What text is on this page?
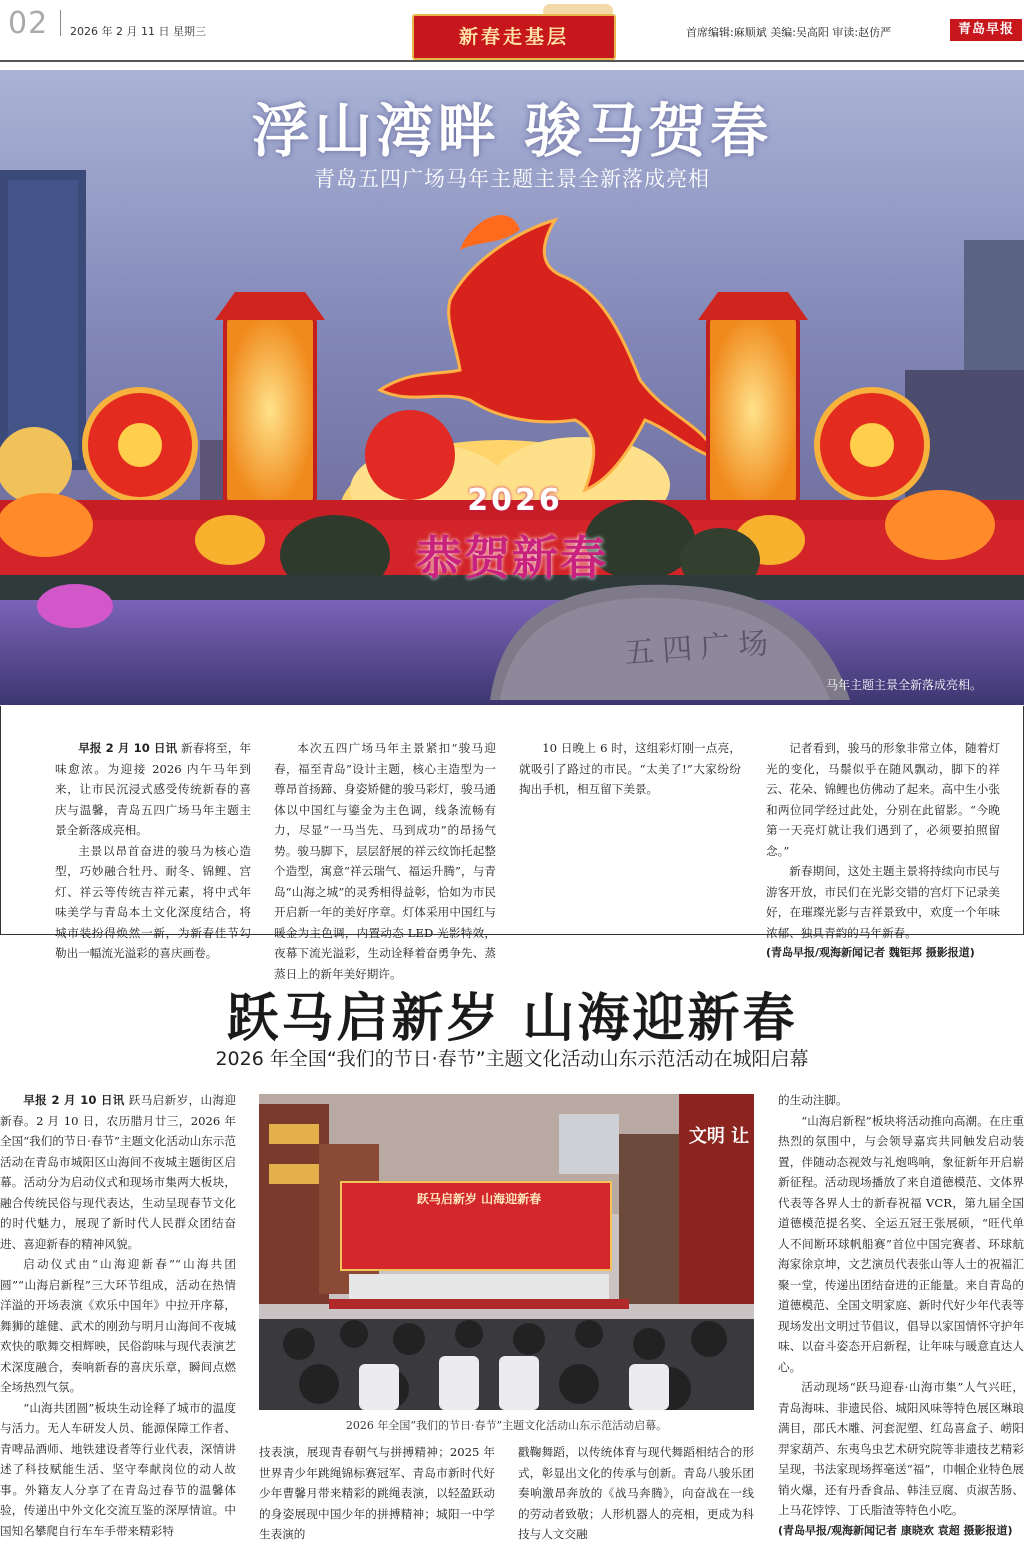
02 2026 年 2 月 11 日 星期三	新春走基层	首席编辑:麻顺斌 美编:吴高阳 审读:赵仿严	青岛早报
2026
恭贺新春
五四广场
浮山湾畔 骏马贺春
青岛五四广场马年主题主景全新落成亮相
马年主题主景全新落成亮相。

早报 2 月 10 日讯 新春将至，年味愈浓。为迎接 2026 内午马年到来，让市民沉浸式感受传统新春的喜庆与温馨，青岛五四广场马年主题主景全新落成亮相。

主景以昂首奋进的骏马为核心造型，巧妙融合牡丹、耐冬、锦鲤、宫灯、祥云等传统吉祥元素，将中式年味美学与青岛本土文化深度结合，将城市装扮得焕然一新，为新春佳节勾勒出一幅流光溢彩的喜庆画卷。

本次五四广场马年主景紧扣“骏马迎春，福至青岛”设计主题，核心主造型为一尊昂首扬蹄、身姿矫健的骏马彩灯，骏马通体以中国红与鎏金为主色调，线条流畅有力，尽显“一马当先、马到成功”的昂扬气势。骏马脚下，层层舒展的祥云纹饰托起整个造型，寓意“祥云瑞气、福运升腾”，与青岛“山海之城”的灵秀相得益彰，恰如为市民开启新一年的美好序章。灯体采用中国红与暖金为主色调，内置动态 LED 光影特效，夜幕下流光溢彩，生动诠释着奋勇争先、蒸蒸日上的新年美好期许。

10 日晚上 6 时，这组彩灯刚一点亮，就吸引了路过的市民。“太美了!”大家纷纷掏出手机，相互留下美景。

记者看到，骏马的形象非常立体，随着灯光的变化，马鬃似乎在随风飘动，脚下的祥云、花朵、锦鲤也仿佛动了起来。高中生小张和两位同学经过此处，分别在此留影。“今晚第一天亮灯就让我们遇到了，必须要拍照留念。”

新春期间，这处主题主景将持续向市民与游客开放，市民们在光影交错的宫灯下记录美好，在璀璨光影与吉祥景致中，欢度一个年味浓郁、独具青韵的马年新春。

(青岛早报/观海新闻记者 魏钜邦 摄影报道)

跃马启新岁 山海迎新春
2026 年全国“我们的节日·春节”主题文化活动山东示范活动在城阳启幕
跃马启新岁 山海迎新春
文明 让
2026 年全国“我们的节日·春节”主题文化活动山东示范活动启幕。

早报 2 月 10 日讯 跃马启新岁，山海迎新春。2 月 10 日，农历腊月廿三，2026 年全国“我们的节日·春节”主题文化活动山东示范活动在青岛市城阳区山海间不夜城主题街区启幕。活动分为启动仪式和现场市集两大板块，融合传统民俗与现代表达，生动呈现春节文化的时代魅力，展现了新时代人民群众团结奋进、喜迎新春的精神风貌。

启动仪式由“山海迎新春”“山海共团圆”“山海启新程”三大环节组成，活动在热情洋溢的开场表演《欢乐中国年》中拉开序幕，舞狮的雄健、武术的刚劲与明月山海间不夜城欢快的歌舞交相辉映，民俗韵味与现代表演艺术深度融合，奏响新春的喜庆乐章，瞬间点燃全场热烈气氛。

“山海共团圆”板块生动诠释了城市的温度与活力。无人车研发人员、能源保障工作者、青啤品酒师、地铁建设者等行业代表，深情讲述了科技赋能生活、坚守奉献岗位的动人故事。外籍友人分享了在青岛过春节的温馨体验，传递出中外文化交流互鉴的深厚情谊。中国知名攀爬自行车车手带来精彩特

技表演，展现青春朝气与拼搏精神；2025 年世界青少年跳绳锦标赛冠军、青岛市新时代好少年曹馨月带来精彩的跳绳表演，以轻盈跃动的身姿展现中国少年的拼搏精神；城阳一中学生表演的

戳鞠舞蹈，以传统体育与现代舞蹈相结合的形式，彰显出文化的传承与创新。青岛八骏乐团奏响激昂奔放的《战马奔腾》，向奋战在一线的劳动者致敬；人形机器人的亮相，更成为科技与人文交融

的生动注脚。

“山海启新程”板块将活动推向高潮。在庄重热烈的氛围中，与会领导嘉宾共同触发启动装置，伴随动态视效与礼炮鸣响，象征新年开启崭新征程。活动现场播放了来自道德模范、文体界代表等各界人士的新春祝福 VCR，第九届全国道德模范提名奖、全运五冠王张展硕，“旺代单人不间断环球帆船赛”首位中国完赛者、环球航海家徐京坤，文艺演员代表张山等人士的祝福汇聚一堂，传递出团结奋进的正能量。来自青岛的道德模范、全国文明家庭、新时代好少年代表等现场发出文明过节倡议，倡导以家国情怀守护年味、以奋斗姿态开启新程，让年味与暖意直达人心。

活动现场“跃马迎春·山海市集”人气兴旺，青岛海味、非遗民俗、城阳风味等特色展区琳琅满目，邵氏木雕、河套泥塑、红岛喜盒子、崂阳羿家葫芦、东夷鸟虫艺术研究院等非遗技艺精彩呈现，书法家现场挥毫送“福”，巾帼企业特色展销火爆，还有丹香食品、韩洼豆腐、贞淑苦肠、上马花饽饽、丁氏脂渣等特色小吃。

(青岛早报/观海新闻记者 康晓欢 袁超 摄影报道)
